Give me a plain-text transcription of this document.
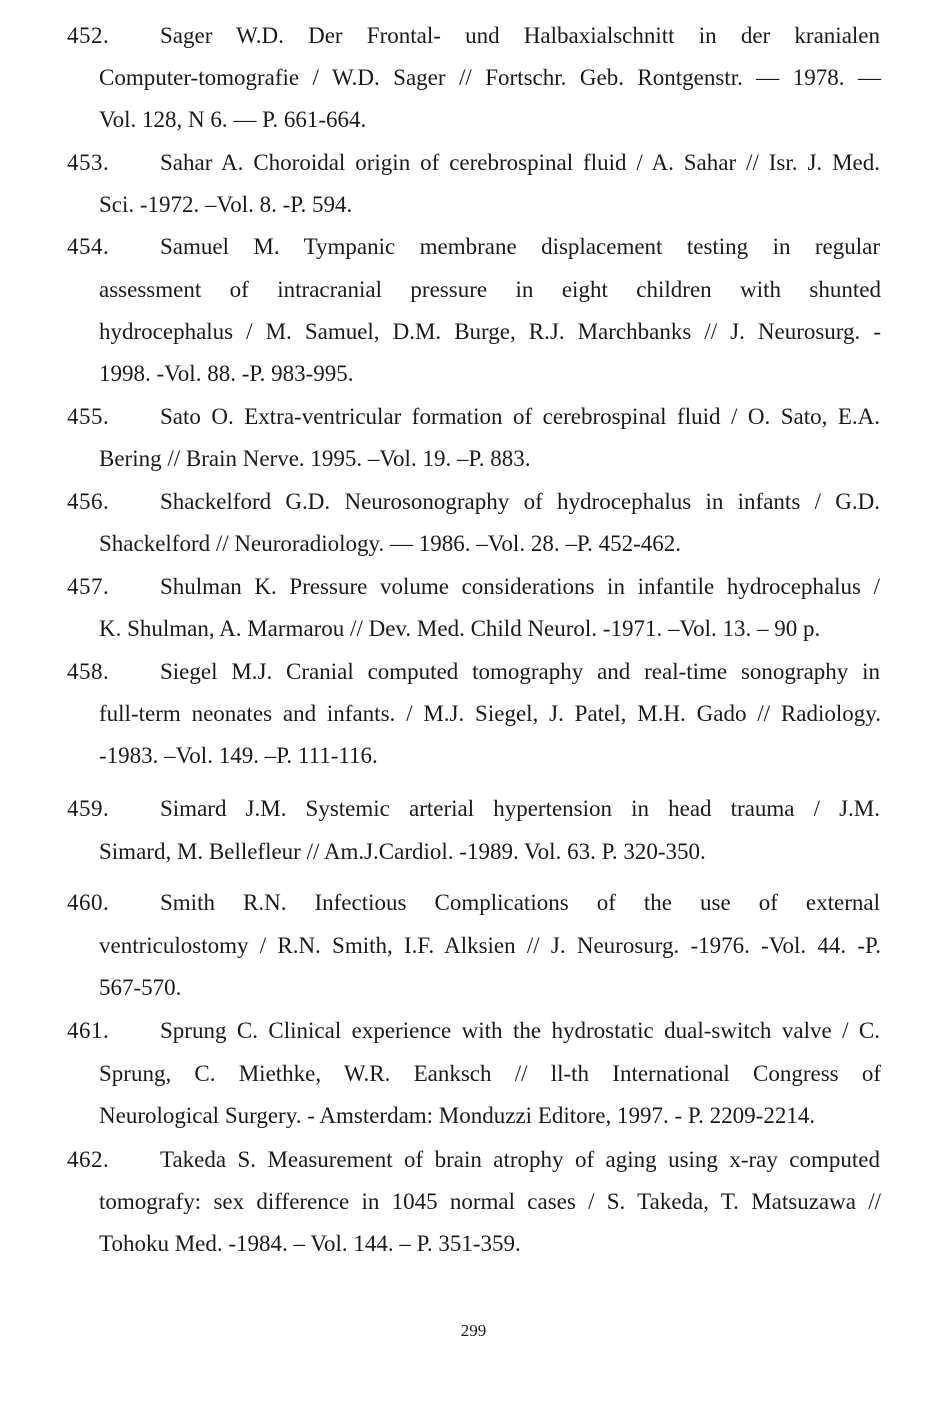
452. Sager W.D. Der Frontal- und Halbaxialschnitt in der kranialen
Computer-tomografie / W.D. Sager // Fortschr. Geb. Rontgenstr. — 1978. —
Vol. 128, N 6. — P. 661-664.
453. Sahar A. Choroidal origin of cerebrospinal fluid / A. Sahar // Isr. J. Med.
Sci. -1972. –Vol. 8. -P. 594.
454. Samuel M. Tympanic membrane displacement testing in regular
assessment of intracranial pressure in eight children with shunted
hydrocephalus / M. Samuel, D.M. Burge, R.J. Marchbanks // J. Neurosurg. -
1998. -Vol. 88. -P. 983-995.
455. Sato O. Extra-ventricular formation of cerebrospinal fluid / O. Sato, E.A.
Bering // Brain Nerve. 1995. –Vol. 19. –P. 883.
456. Shackelford G.D. Neurosonography of hydrocephalus in infants / G.D.
Shackelford // Neuroradiology. — 1986. –Vol. 28. –P. 452-462.
457. Shulman K. Pressure volume considerations in infantile hydrocephalus /
K. Shulman, A. Marmarou // Dev. Med. Child Neurol. -1971. –Vol. 13. – 90 p.
458. Siegel M.J. Cranial computed tomography and real-time sonography in
full-term neonates and infants. / M.J. Siegel, J. Patel, M.H. Gado // Radiology.
-1983. –Vol. 149. –P. 111-116.
459. Simard J.M. Systemic arterial hypertension in head trauma / J.M.
Simard, M. Bellefleur // Am.J.Cardiol. -1989. Vol. 63. P. 320-350.
460. Smith R.N. Infectious Complications of the use of external
ventriculostomy / R.N. Smith, I.F. Alksien // J. Neurosurg. -1976. -Vol. 44. -P.
567-570.
461. Sprung C. Clinical experience with the hydrostatic dual-switch valve / C.
Sprung, C. Miethke, W.R. Eanksch // ll-th International Congress of
Neurological Surgery. - Amsterdam: Monduzzi Editore, 1997. - P. 2209-2214.
462. Takeda S. Measurement of brain atrophy of aging using x-ray computed
tomografy: sex difference in 1045 normal cases / S. Takeda, T. Matsuzawa //
Tohoku Med. -1984. – Vol. 144. – P. 351-359.
299
